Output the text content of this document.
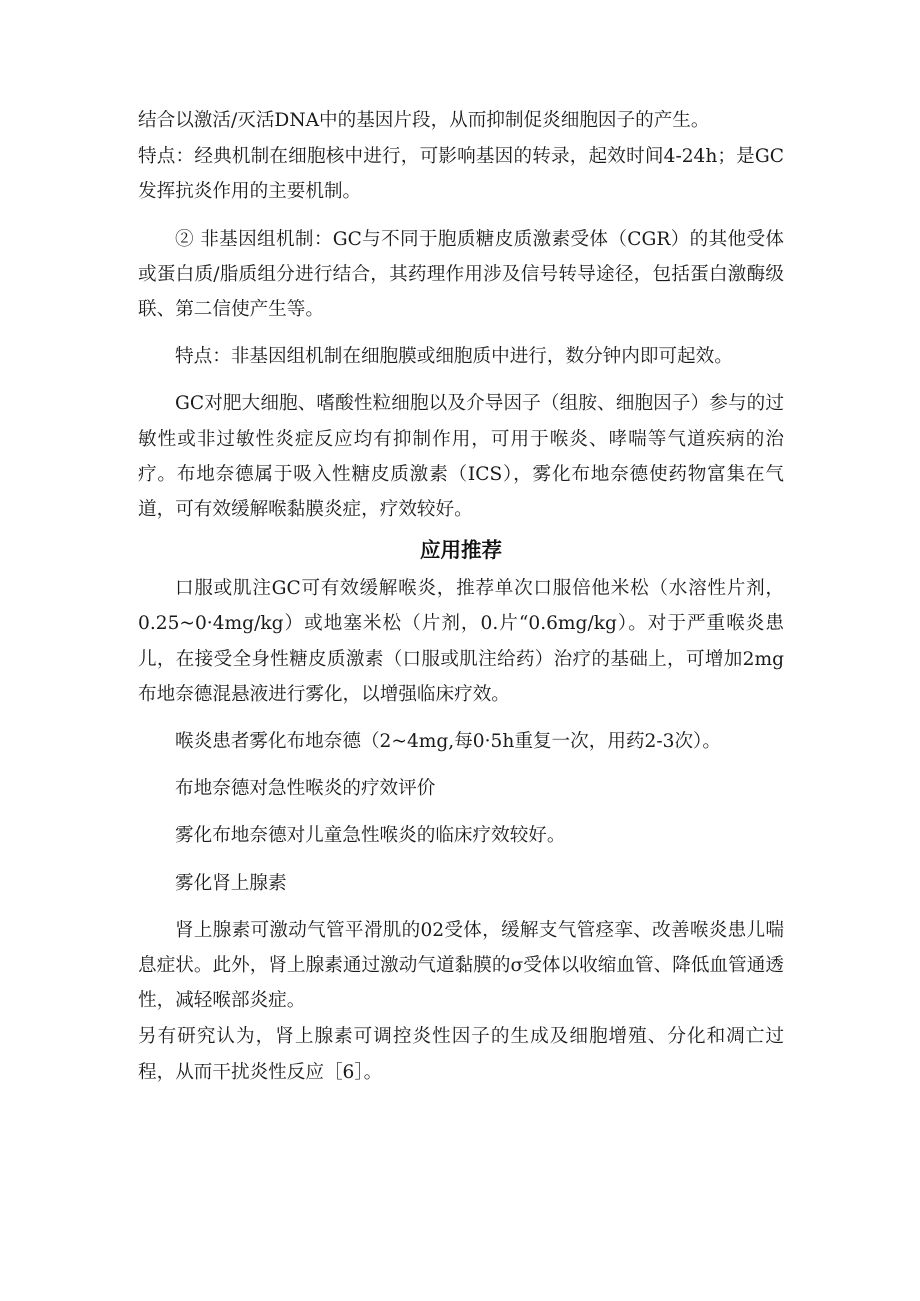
结合以激活/灭活DNA中的基因片段，从而抑制促炎细胞因子的产生。

特点：经典机制在细胞核中进行，可影响基因的转录，起效时间4-24h；是GC发挥抗炎作用的主要机制。

② 非基因组机制：GC与不同于胞质糖皮质激素受体（CGR）的其他受体或蛋白质/脂质组分进行结合，其药理作用涉及信号转导途径，包括蛋白激酶级联、第二信使产生等。

特点：非基因组机制在细胞膜或细胞质中进行，数分钟内即可起效。

GC对肥大细胞、嗜酸性粒细胞以及介导因子（组胺、细胞因子）参与的过敏性或非过敏性炎症反应均有抑制作用，可用于喉炎、哮喘等气道疾病的治疗。布地奈德属于吸入性糖皮质激素（ICS），雾化布地奈德使药物富集在气道，可有效缓解喉黏膜炎症，疗效较好。

应用推荐

口服或肌注GC可有效缓解喉炎，推荐单次口服倍他米松（水溶性片剂，0.25~0·4mg/kg）或地塞米松（片剂，0.片“0.6mg/kg）。对于严重喉炎患儿，在接受全身性糖皮质激素（口服或肌注给药）治疗的基础上，可增加2mg布地奈德混悬液进行雾化，以增强临床疗效。

喉炎患者雾化布地奈德（2~4mg,每0·5h重复一次，用药2-3次）。

布地奈德对急性喉炎的疗效评价

雾化布地奈德对儿童急性喉炎的临床疗效较好。

雾化肾上腺素

肾上腺素可激动气管平滑肌的02受体，缓解支气管痉挛、改善喉炎患儿喘息症状。此外，肾上腺素通过激动气道黏膜的σ受体以收缩血管、降低血管通透性，减轻喉部炎症。

另有研究认为，肾上腺素可调控炎性因子的生成及细胞增殖、分化和凋亡过程，从而干扰炎性反应［6］。
